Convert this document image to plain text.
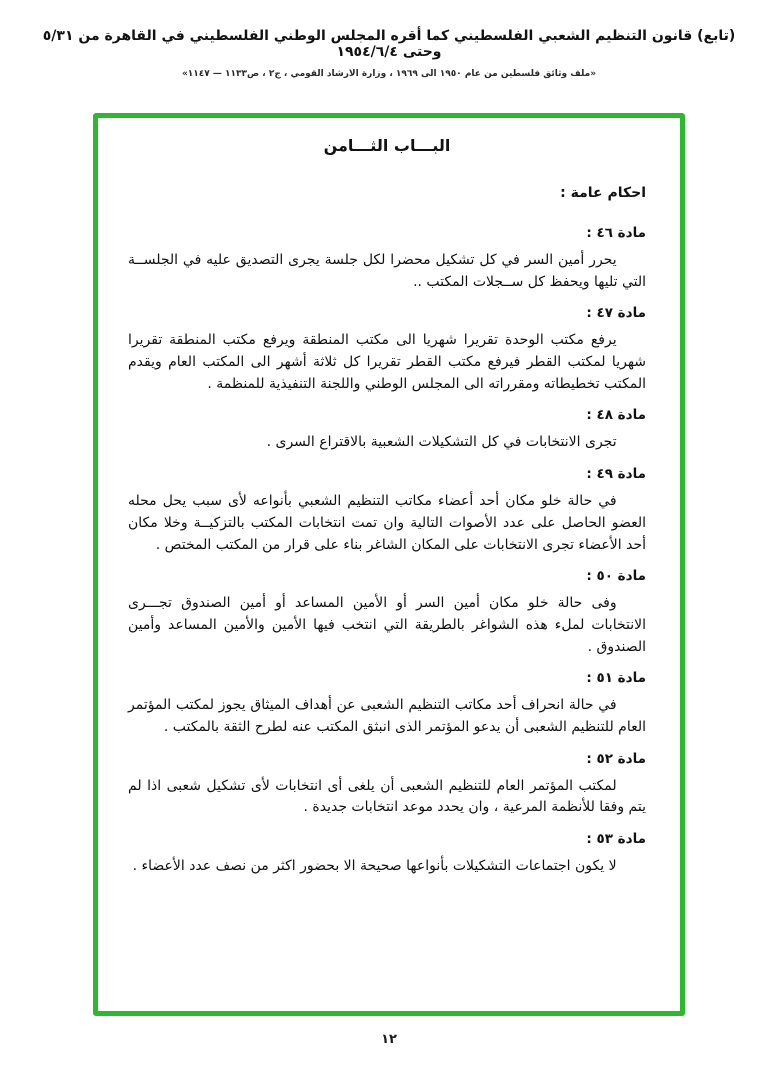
(تابع) قانون التنظيم الشعبي الفلسطيني كما أقره المجلس الوطني الفلسطيني في القاهرة من ٥/٣١ وحتى ١٩٥٤/٦/٤
«ملف وثائق فلسطين من عام ١٩٥٠ الى ١٩٦٩ ، وزارة الارشاد القومي ، ج٢ ، ص١١٣٣ — ١١٤٧»
البـــاب الثـــامن
احكام عامة :
مادة ٤٦ :

يحرر أمين السر في كل تشكيل محضرا لكل جلسة يجرى التصديق عليه في الجلســة التي تليها ويحفظ كل ســجلات المكتب ..

مادة ٤٧ :

يرفع مكتب الوحدة تقريرا شهريا الى مكتب المنطقة ويرفع مكتب المنطقة تقريرا شهريا لمكتب القطر فيرفع مكتب القطر تقريرا كل ثلاثة أشهر الى المكتب العام ويقدم المكتب تخطيطاته ومقرراته الى المجلس الوطني واللجنة التنفيذية للمنظمة .

مادة ٤٨ :

تجرى الانتخابات في كل التشكيلات الشعبية بالاقتراع السرى .

مادة ٤٩ :

في حالة خلو مكان أحد أعضاء مكاتب التنظيم الشعبي بأنواعه لأى سبب يحل محله العضو الحاصل على عدد الأصوات التالية وان تمت انتخابات المكتب بالتزكيــة وخلا مكان أحد الأعضاء تجرى الانتخابات على المكان الشاغر بناء على قرار من المكتب المختص .

مادة ٥٠ :

وفى حالة خلو مكان أمين السر أو الأمين المساعد أو أمين الصندوق تجـــرى الانتخابات لملء هذه الشواغر بالطريقة التي انتخب فيها الأمين والأمين المساعد وأمين الصندوق .

مادة ٥١ :

في حالة انحراف أحد مكاتب التنظيم الشعبى عن أهداف الميثاق يجوز لمكتب المؤتمر العام للتنظيم الشعبى أن يدعو المؤتمر الذى انبثق المكتب عنه لطرح الثقة بالمكتب .

مادة ٥٢ :

لمكتب المؤتمر العام للتنظيم الشعبى أن يلغى أى انتخابات لأى تشكيل شعبى اذا لم يتم وفقا للأنظمة المرعية ، وان يحدد موعد انتخابات جديدة .

مادة ٥٣ :

لا يكون اجتماعات التشكيلات بأنواعها صحيحة الا بحضور اكثر من نصف عدد الأعضاء .

١٢
